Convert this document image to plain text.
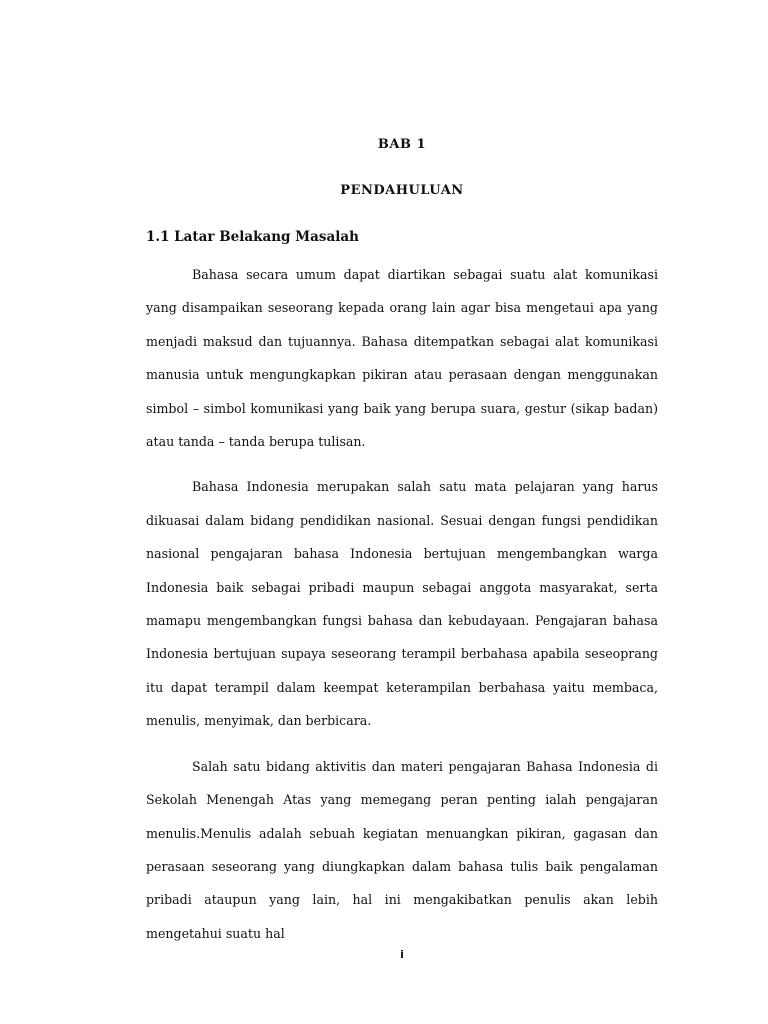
BAB 1
PENDAHULUAN
1.1 Latar Belakang Masalah

Bahasa secara umum dapat diartikan sebagai suatu alat komunikasi yang disampaikan seseorang kepada orang lain agar bisa mengetaui apa yang menjadi maksud dan tujuannya. Bahasa ditempatkan sebagai alat komunikasi manusia untuk mengungkapkan pikiran atau perasaan dengan menggunakan simbol – simbol komunikasi yang baik yang berupa suara, gestur (sikap badan) atau tanda – tanda berupa tulisan.

Bahasa Indonesia merupakan salah satu mata pelajaran yang harus dikuasai dalam bidang pendidikan nasional. Sesuai dengan fungsi pendidikan nasional pengajaran bahasa Indonesia bertujuan mengembangkan warga Indonesia baik sebagai pribadi maupun sebagai anggota masyarakat, serta mamapu mengembangkan fungsi bahasa dan kebudayaan. Pengajaran bahasa Indonesia bertujuan supaya seseorang terampil berbahasa apabila seseoprang itu dapat terampil dalam keempat keterampilan berbahasa yaitu membaca, menulis, menyimak, dan berbicara.

Salah satu bidang aktivitis dan materi pengajaran Bahasa Indonesia di Sekolah Menengah Atas yang memegang peran penting ialah pengajaran menulis.Menulis adalah sebuah kegiatan menuangkan pikiran, gagasan dan perasaan seseorang yang diungkapkan dalam bahasa tulis baik pengalaman pribadi ataupun yang lain, hal ini mengakibatkan penulis akan lebih mengetahui suatu hal

i
